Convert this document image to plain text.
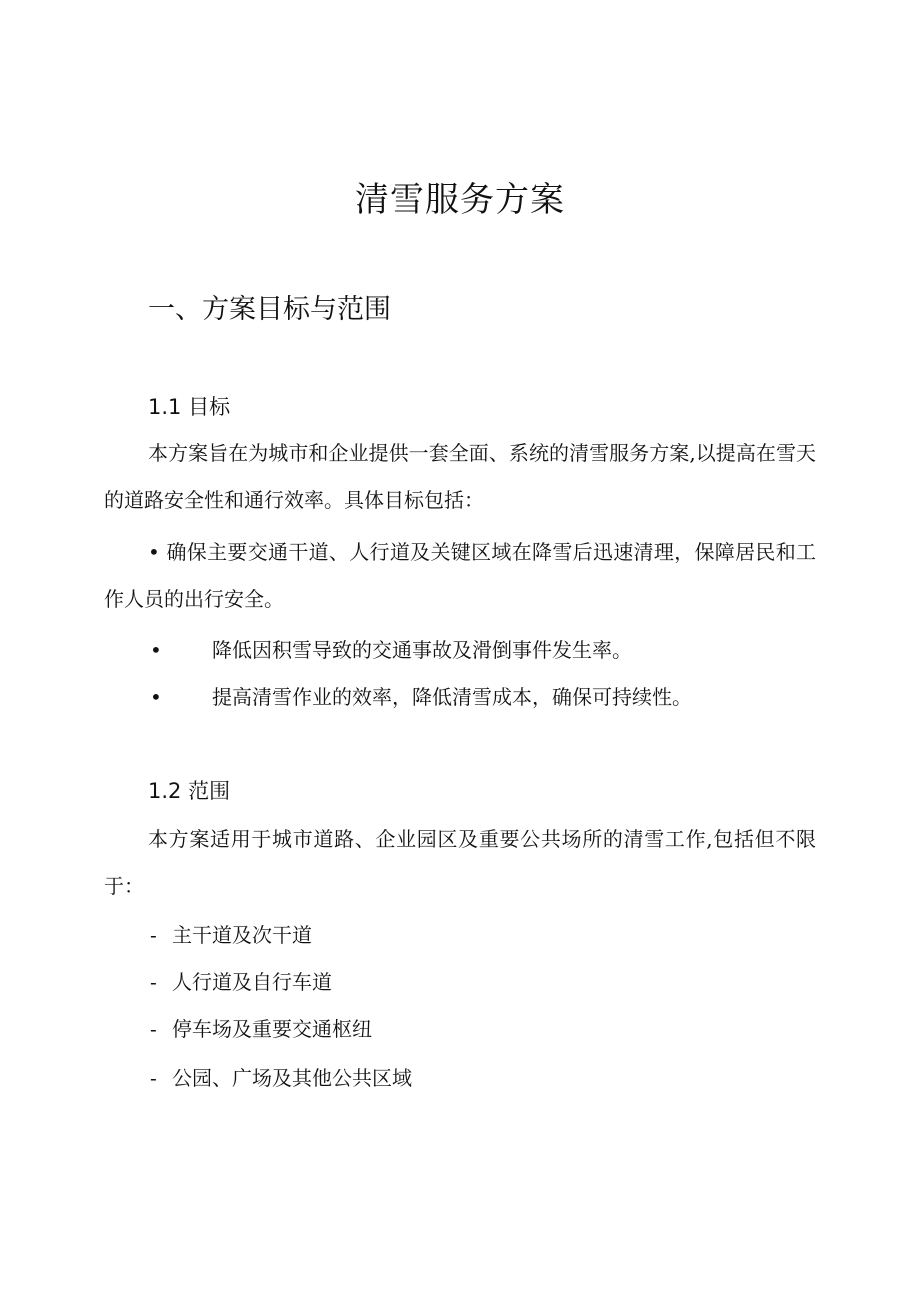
清雪服务方案
一、方案目标与范围
1.1 目标

本方案旨在为城市和企业提供一套全面、系统的清雪服务方案,以提高在雪天的道路安全性和通行效率。具体目标包括：

• 确保主要交通干道、人行道及关键区域在降雪后迅速清理，保障居民和工作人员的出行安全。
•	降低因积雪导致的交通事故及滑倒事件发生率。
•	提高清雪作业的效率，降低清雪成本，确保可持续性。
1.2 范围

本方案适用于城市道路、企业园区及重要公共场所的清雪工作,包括但不限于：

- 主干道及次干道
- 人行道及自行车道
- 停车场及重要交通枢纽
- 公园、广场及其他公共区域
